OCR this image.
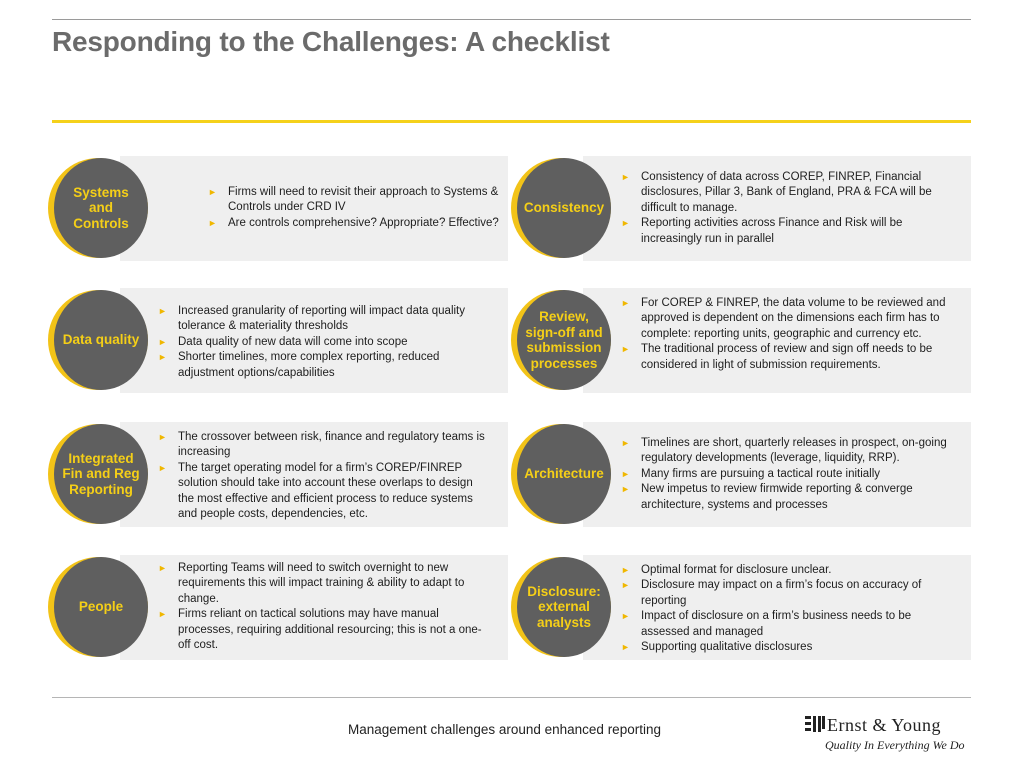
Responding to the Challenges: A checklist
Systems and Controls
► Firms will need to revisit their approach to Systems & Controls under CRD IV
► Are controls comprehensive? Appropriate? Effective?
Consistency
► Consistency of data across COREP, FINREP, Financial disclosures, Pillar 3, Bank of England, PRA & FCA will be difficult to manage.
► Reporting activities across Finance and Risk will be increasingly run in parallel
Data quality
► Increased granularity of reporting will impact data quality tolerance & materiality thresholds
► Data quality of new data will come into scope
► Shorter timelines, more complex reporting, reduced adjustment options/capabilities
Review, sign-off and submission processes
► For COREP & FINREP, the data volume to be reviewed and approved is dependent on the dimensions each firm has to complete: reporting units, geographic and currency etc.
► The traditional process of review and sign off needs to be considered in light of submission requirements.
Integrated Fin and Reg Reporting
► The crossover between risk, finance and regulatory teams is increasing
► The target operating model for a firm’s COREP/FINREP solution should take into account these overlaps to design the most effective and efficient process to reduce systems and people costs, dependencies, etc.
Architecture
► Timelines are short, quarterly releases in prospect, on-going regulatory developments (leverage, liquidity, RRP).
► Many firms are pursuing a tactical route initially
► New impetus to review firmwide reporting & converge architecture, systems and processes
People
► Reporting Teams will need to switch overnight to new requirements this will impact training & ability to adapt to change.
► Firms reliant on tactical solutions may have manual processes, requiring additional resourcing; this is not a one-off cost.
Disclosure: external analysts
► Optimal format for disclosure unclear.
► Disclosure may impact on a firm’s focus on accuracy of reporting
► Impact of disclosure on a firm’s business needs to be assessed and managed
► Supporting qualitative disclosures
Management challenges around enhanced reporting	Ernst & Young
Quality In Everything We Do
